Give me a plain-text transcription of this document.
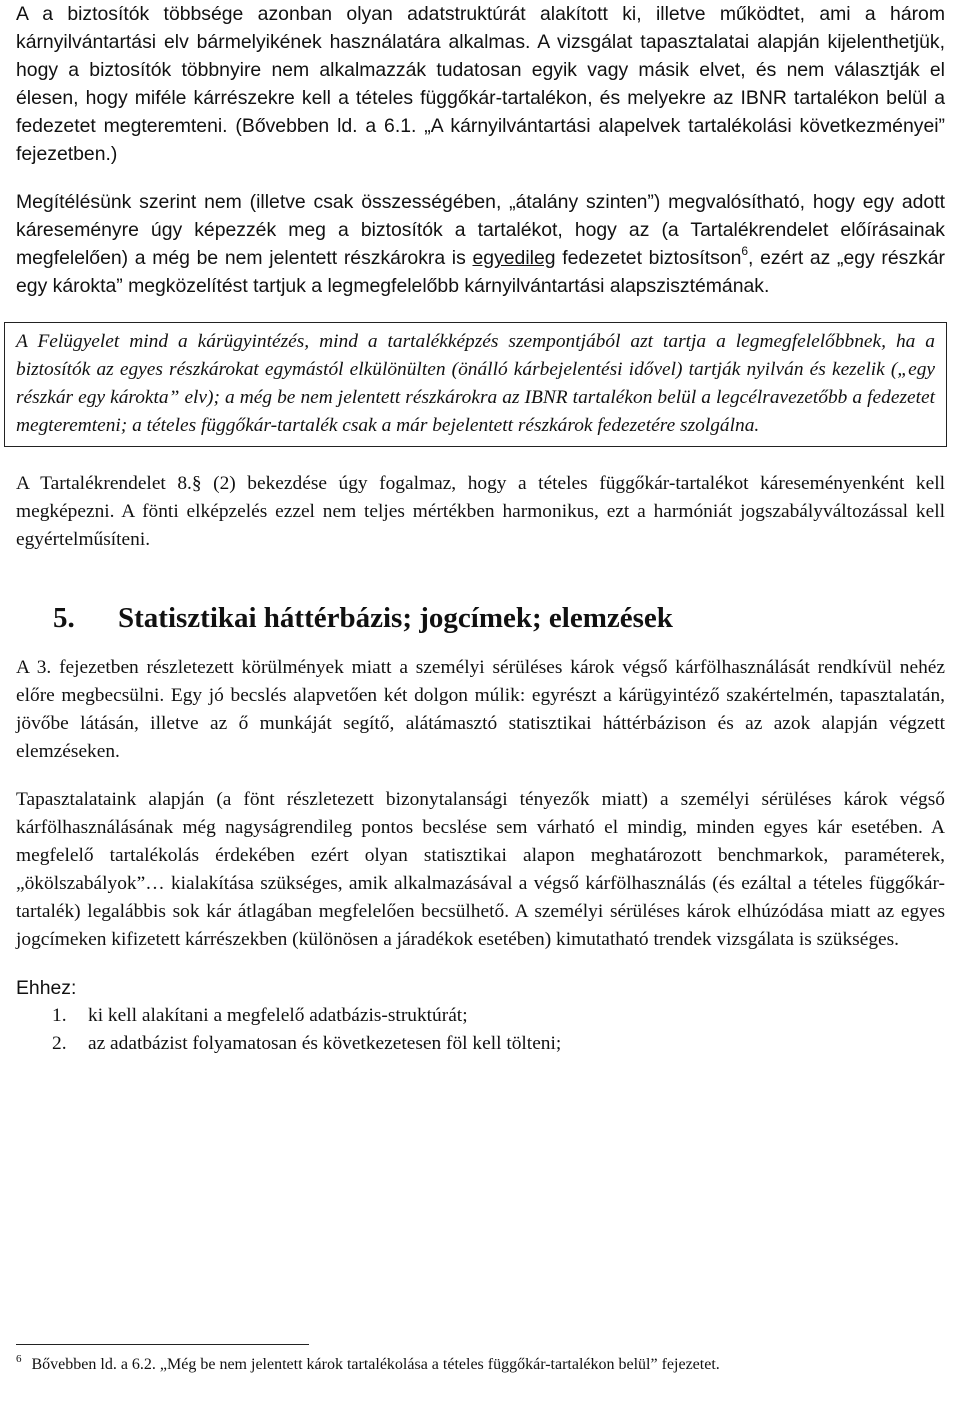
A a biztosítók többsége azonban olyan adatstruktúrát alakított ki, illetve működtet, ami a három kárnyilvántartási elv bármelyikének használatára alkalmas. A vizsgálat tapasztalatai alapján kijelenthetjük, hogy a biztosítók többnyire nem alkalmazzák tudatosan egyik vagy másik elvet, és nem választják el élesen, hogy miféle kárrészekre kell a tételes függőkár-tartalékon, és melyekre az IBNR tartalékon belül a fedezetet megteremteni. (Bővebben ld. a 6.1. „A kárnyilvántartási alapelvek tartalékolási következményei” fejezetben.)

Megítélésünk szerint nem (illetve csak összességében, „átalány szinten”) megvalósítható, hogy egy adott káreseményre úgy képezzék meg a biztosítók a tartalékot, hogy az (a Tartalékrendelet előírásainak megfelelően) a még be nem jelentett részkárokra is egyedileg fedezetet biztosítson$^6$, ezért az „egy részkár egy károkta” megközelítést tartjuk a legmegfelelőbb kárnyilvántartási alapszisztémának.

A Felügyelet mind a kárügyintézés, mind a tartalékképzés szempontjából azt tartja a legmegfelelőbbnek, ha a biztosítók az egyes részkárokat egymástól elkülönülten (önálló kárbejelentési idővel) tartják nyilván és kezelik („egy részkár egy károkta” elv); a még be nem jelentett részkárokra az IBNR tartalékon belül a legcélravezetőbb a fedezetet megteremteni; a tételes függőkár-tartalék csak a már bejelentett részkárok fedezetére szolgálna.

A Tartalékrendelet 8.§ (2) bekezdése úgy fogalmaz, hogy a tételes függőkár-tartalékot káreseményenként kell megképezni. A fönti elképzelés ezzel nem teljes mértékben harmonikus, ezt a harmóniát jogszabályváltozással kell egyértelműsíteni.

5.	Statisztikai háttérbázis; jogcímek; elemzések

A 3. fejezetben részletezett körülmények miatt a személyi sérüléses károk végső kárfölhasználását rendkívül nehéz előre megbecsülni. Egy jó becslés alapvetően két dolgon múlik: egyrészt a kárügyintéző szakértelmén, tapasztalatán, jövőbe látásán, illetve az ő munkáját segítő, alátámasztó statisztikai háttérbázison és az azok alapján végzett elemzéseken.

Tapasztalataink alapján (a fönt részletezett bizonytalansági tényezők miatt) a személyi sérüléses károk végső kárfölhasználásának még nagyságrendileg pontos becslése sem várható el mindig, minden egyes kár esetében. A megfelelő tartalékolás érdekében ezért olyan statisztikai alapon meghatározott benchmarkok, paraméterek, „ökölszabályok”… kialakítása szükséges, amik alkalmazásával a végső kárfölhasználás (és ezáltal a tételes függőkár-tartalék) legalábbis sok kár átlagában megfelelően becsülhető. A személyi sérüléses károk elhúzódása miatt az egyes jogcímeken kifizetett kárrészekben (különösen a járadékok esetében) kimutatható trendek vizsgálata is szükséges.

Ehhez:

1.	ki kell alakítani a megfelelő adatbázis-struktúrát;
2.	az adatbázist folyamatosan és következetesen föl kell tölteni;
$^6$ Bővebben ld. a 6.2. „Még be nem jelentett károk tartalékolása a tételes függőkár-tartalékon belül” fejezetet.
